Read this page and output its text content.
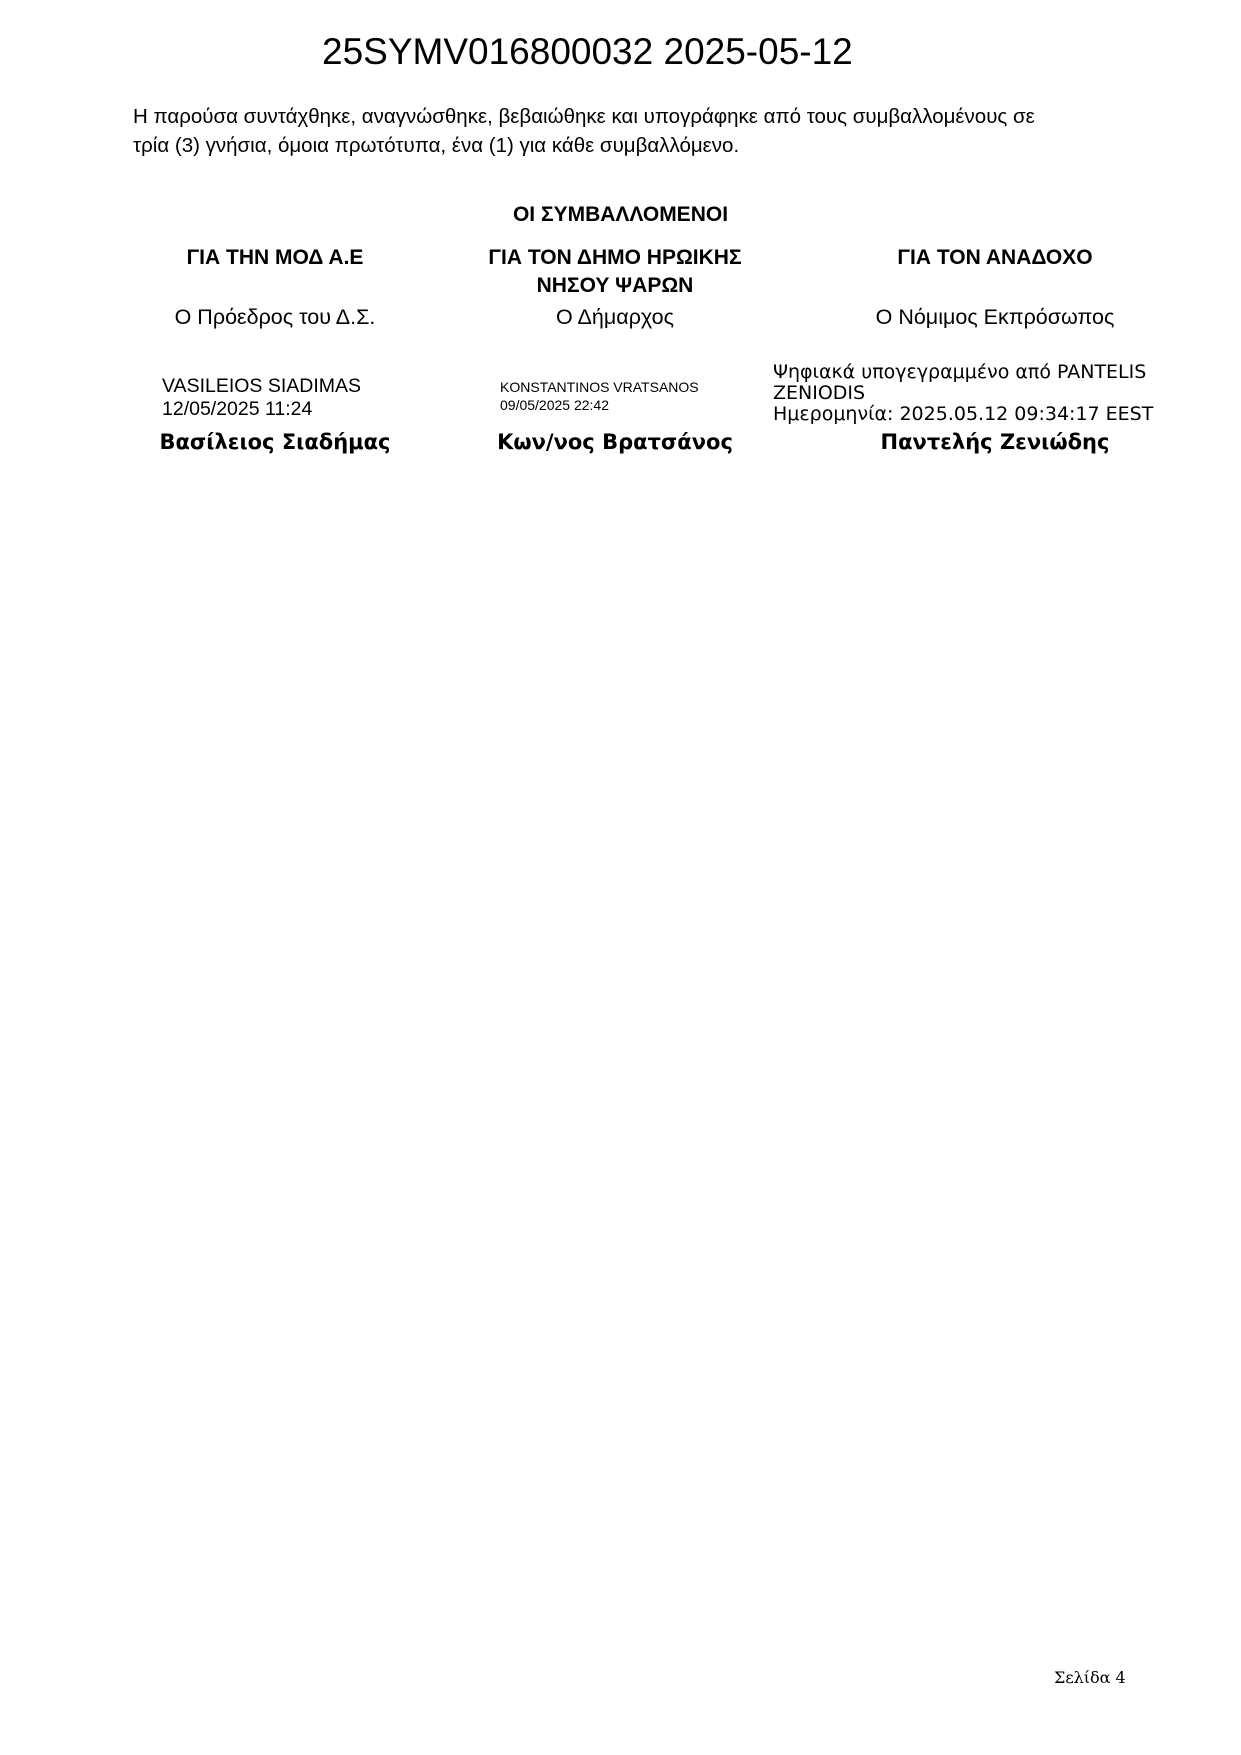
25SYMV016800032 2025-05-12

Η παρούσα συντάχθηκε, αναγνώσθηκε, βεβαιώθηκε και υπογράφηκε από τους συμβαλλομένους σε

τρία (3) γνήσια, όμοια πρωτότυπα, ένα (1) για κάθε συμβαλλόμενο.

ΟΙ ΣΥΜΒΑΛΛΟΜΕΝΟΙ
ΓΙΑ ΤΗΝ ΜΟΔ Α.Ε
Ο Πρόεδρος του Δ.Σ.
VASILEIOS SIADIMAS
12/05/2025 11:24
Βασίλειος Σιαδήμας
ΓΙΑ ΤΟΝ ΔΗΜΟ ΗΡΩΙΚΗΣ
ΝΗΣΟΥ ΨΑΡΩΝ
Ο Δήμαρχος
KONSTANTINOS VRATSANOS
09/05/2025 22:42
Κων/νος Βρατσάνος
ΓΙΑ ΤΟΝ ΑΝΑΔΟΧΟ
Ο Νόμιμος Εκπρόσωπος
Ψηφιακά υπογεγραμμένο από PANTELIS
ZENIODIS
Ημερομηνία: 2025.05.12 09:34:17 EEST
Παντελής Ζενιώδης
Σελίδα 4
